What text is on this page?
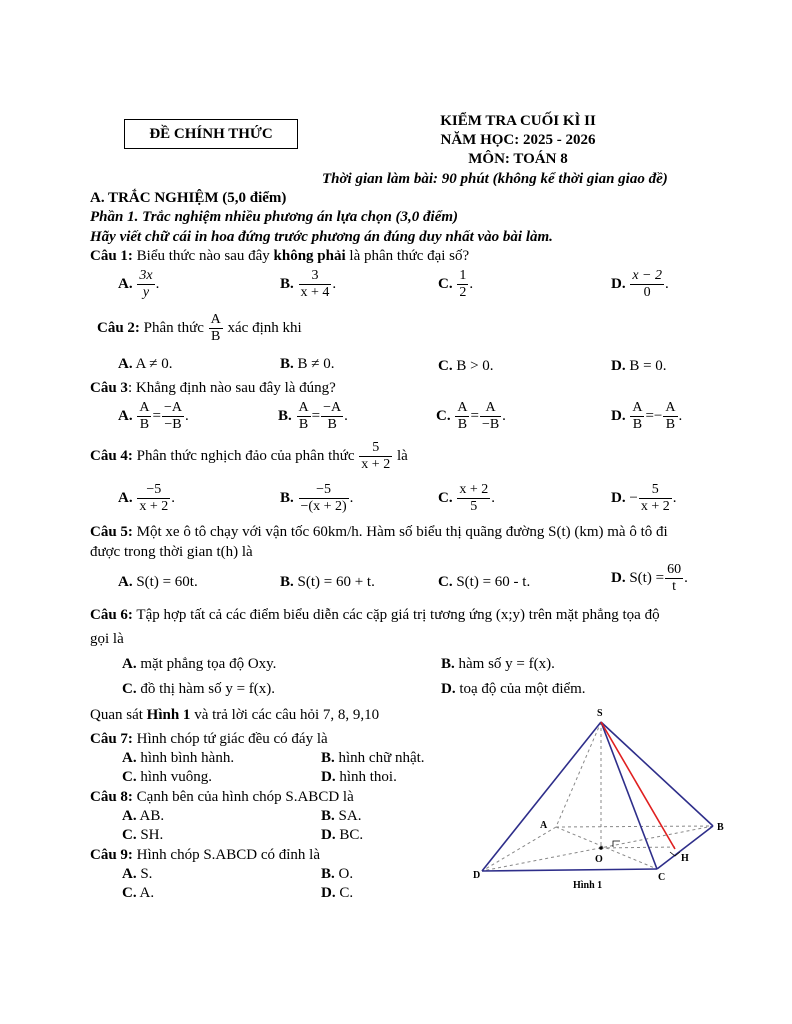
ĐỀ CHÍNH THỨC
KIỂM TRA CUỐI KÌ II
NĂM HỌC: 2025 - 2026
MÔN: TOÁN 8
Thời gian làm bài: 90 phút (không kể thời gian giao đề)
A. TRẮC NGHIỆM (5,0 điểm)
Phần 1. Trắc nghiệm nhiều phương án lựa chọn (3,0 điểm)
Hãy viết chữ cái in hoa đứng trước phương án đúng duy nhất vào bài làm.
Câu 1: Biểu thức nào sau đây không phải là phân thức đại số?
A. $\frac{3x}{y}$ .	B. $\frac{3}{x + 4}$ .	C. $\frac{1}{2}$ .	D. $\frac{x - 2}{0}$ .
Câu 2: Phân thức $\frac{A}{B}$ xác định khi
A. A ≠ 0.	B. B ≠ 0.	C. B > 0.	D. B = 0.
Câu 3: Khẳng định nào sau đây là đúng?
A. $\frac{A}{B} = \frac{-A}{-B}$ .	B. $\frac{A}{B} = \frac{-A}{B}$ .	C. $\frac{A}{B} = \frac{A}{-B}$ .	D. $\frac{A}{B} =- \frac{A}{B}$ .
Câu 4: Phân thức nghịch đảo của phân thức $\frac{5}{x + 2}$ là
A. $\frac{-5}{x + 2}$ .	B. $\frac{-5}{-(x + 2)}$ .	C. $\frac{x + 2}{5}$ .	D. − $\frac{5}{x + 2}$ .
Câu 5: Một xe ô tô chạy với vận tốc 60km/h. Hàm số biểu thị quãng đường S(t) (km) mà ô tô đi
được trong thời gian t(h) là
A. S(t) = 60t.	B. S(t) = 60 + t.	C. S(t) = 60 - t.	D. $S(t) = \frac{60}{t}$ .
Câu 6: Tập hợp tất cả các điểm biểu diễn các cặp giá trị tương ứng (x;y) trên mặt phẳng tọa độ
gọi là
A. mặt phẳng tọa độ Oxy.	B. hàm số y = f(x).
C. đồ thị hàm số y = f(x).	D. toạ độ của một điểm.
Quan sát Hình 1 và trả lời các câu hỏi 7, 8, 9,10
Câu 7: Hình chóp tứ giác đều có đáy là
A. hình bình hành.	B. hình chữ nhật.
C. hình vuông.	D. hình thoi.
Câu 8: Cạnh bên của hình chóp S.ABCD là
A. AB.	B. SA.
C. SH.	D. BC.
Câu 9: Hình chóp S.ABCD có đỉnh là
A. S.	B. O.
C. A.	D. C.
S
A	B
C
D
O	H
Hình 1
